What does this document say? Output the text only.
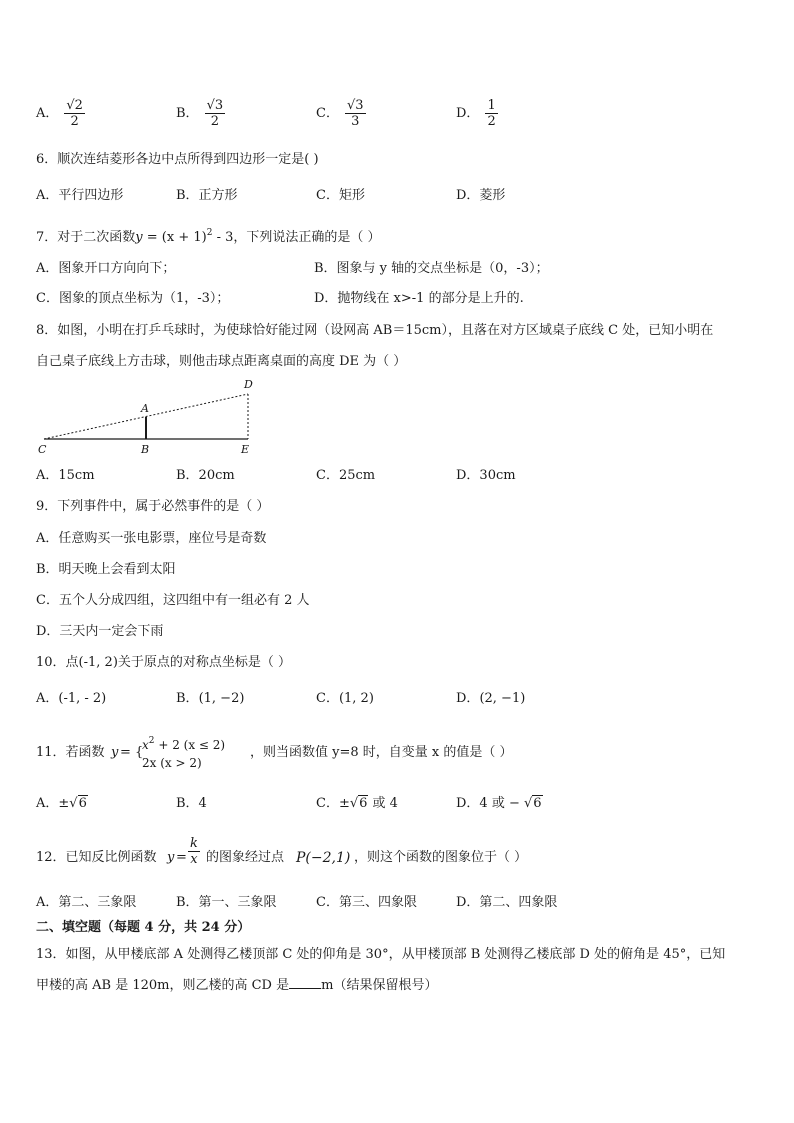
A． $\frac{√2}{2}$	B． $\frac{√3}{2}$	C． $\frac{√3}{3}$	D． $\frac{1}{2}$
6．顺次连结菱形各边中点所得到四边形一定是( )
A．平行四边形	B．正方形	C．矩形	D．菱形
7．对于二次函数$y = (x + 1)^2 - 3$，下列说法正确的是（ ）
A．图象开口方向向下；	B．图象与 y 轴的交点坐标是（0，-3）；
C．图象的顶点坐标为（1，-3）；	D．抛物线在 x>-1 的部分是上升的.
8．如图，小明在打乒乓球时，为使球恰好能过网（设网高 AB＝15cm），且落在对方区域桌子底线 C 处，已知小明在
自己桌子底线上方击球，则他击球点距离桌面的高度 DE 为（ ）
A
B
C
D
E
A．15cm	B．20cm	C．25cm	D．30cm
9．下列事件中，属于必然事件的是（ ）
A．任意购买一张电影票，座位号是奇数
B．明天晚上会看到太阳
C．五个人分成四组，这四组中有一组必有 2 人
D．三天内一定会下雨
10．点(-1, 2)关于原点的对称点坐标是（ ）
A．(-1, - 2)	B．(1, −2)	C．(1, 2)	D．(2, −1)
11．若函数 y = {
$x^2 + 2$ (x ≤ 2)
2x (x > 2)
，则当函数值 y=8 时，自变量 x 的值是（ ）
A．±√6	B．4	C．±√6 或 4	D．4 或 − √6
12．已知反比例函数 $y = \frac{k}{x}$ 的图象经过点 P(−2,1) ，则这个函数的图象位于（ ）
A．第二、三象限	B．第一、三象限	C．第三、四象限	D．第二、四象限
二、填空题（每题 4 分，共 24 分）
13．如图，从甲楼底部 A 处测得乙楼顶部 C 处的仰角是 30°，从甲楼顶部 B 处测得乙楼底部 D 处的俯角是 45°，已知
甲楼的高 AB 是 120m，则乙楼的高 CD 是 m（结果保留根号）
